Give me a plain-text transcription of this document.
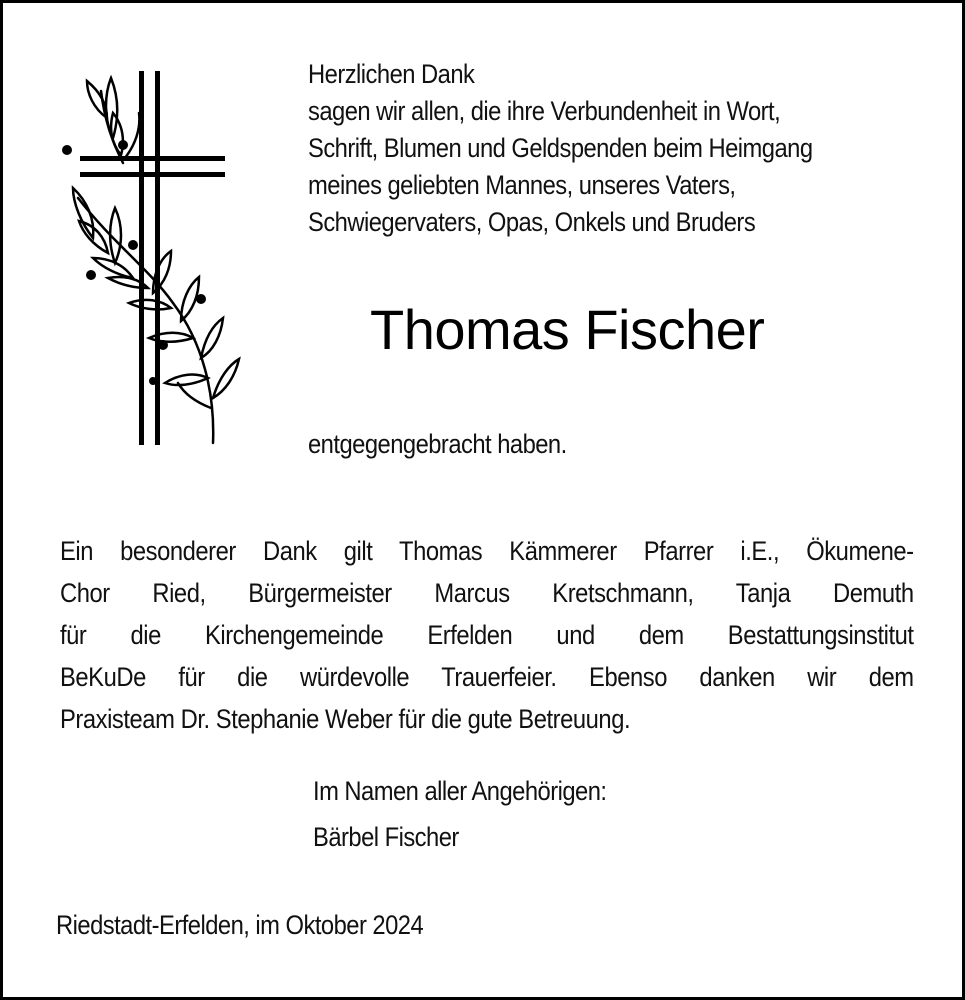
Herzlichen Dank
sagen wir allen, die ihre Verbundenheit in Wort,
Schrift, Blumen und Geldspenden beim Heimgang
meines geliebten Mannes, unseres Vaters,
Schwiegervaters, Opas, Onkels und Bruders
Thomas Fischer
entgegengebracht haben.
Ein besonderer Dank gilt Thomas Kämmerer Pfarrer i.E., Ökumene-
Chor Ried, Bürgermeister Marcus Kretschmann, Tanja Demuth
für die Kirchengemeinde Erfelden und dem Bestattungsinstitut
BeKuDe für die würdevolle Trauerfeier. Ebenso danken wir dem
Praxisteam Dr. Stephanie Weber für die gute Betreuung.
Im Namen aller Angehörigen:
Bärbel Fischer
Riedstadt-Erfelden, im Oktober 2024
